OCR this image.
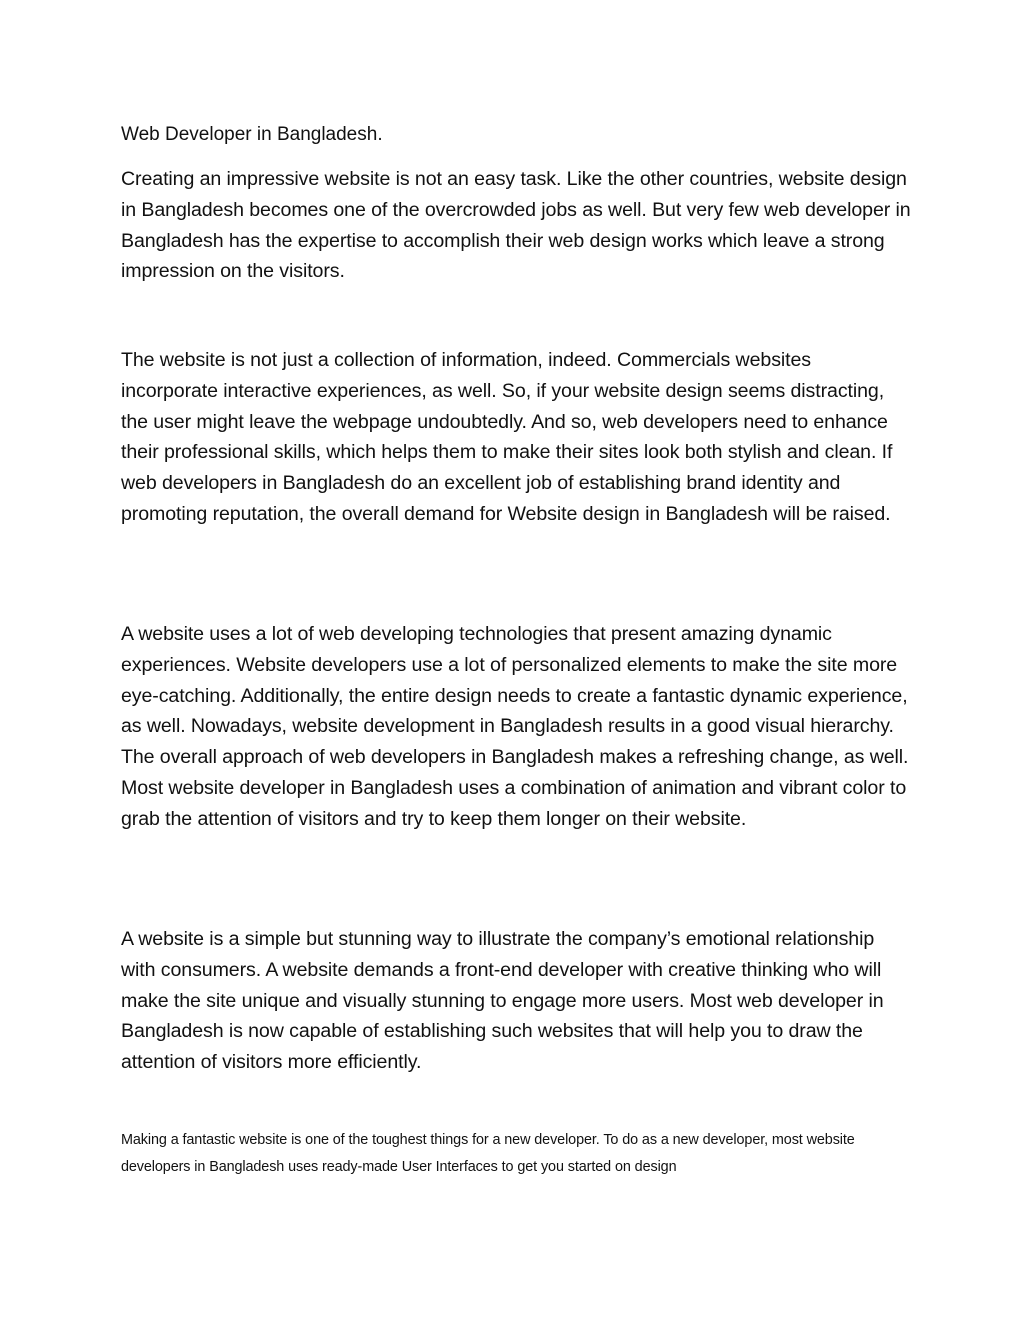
Web Developer in Bangladesh.

Creating an impressive website is not an easy task. Like the other countries, website design in Bangladesh becomes one of the overcrowded jobs as well. But very few web developer in Bangladesh has the expertise to accomplish their web design works which leave a strong impression on the visitors.

The website is not just a collection of information, indeed. Commercials websites incorporate interactive experiences, as well. So, if your website design seems distracting, the user might leave the webpage undoubtedly. And so, web developers need to enhance their professional skills, which helps them to make their sites look both stylish and clean. If web developers in Bangladesh do an excellent job of establishing brand identity and promoting reputation, the overall demand for Website design in Bangladesh will be raised.

A website uses a lot of web developing technologies that present amazing dynamic experiences. Website developers use a lot of personalized elements to make the site more eye-catching. Additionally, the entire design needs to create a fantastic dynamic experience, as well. Nowadays, website development in Bangladesh results in a good visual hierarchy. The overall approach of web developers in Bangladesh makes a refreshing change, as well. Most website developer in Bangladesh uses a combination of animation and vibrant color to grab the attention of visitors and try to keep them longer on their website.

A website is a simple but stunning way to illustrate the company’s emotional relationship with consumers. A website demands a front-end developer with creative thinking who will make the site unique and visually stunning to engage more users. Most web developer in Bangladesh is now capable of establishing such websites that will help you to draw the attention of visitors more efficiently.

Making a fantastic website is one of the toughest things for a new developer. To do as a new developer, most website developers in Bangladesh uses ready-made User Interfaces to get you started on design
